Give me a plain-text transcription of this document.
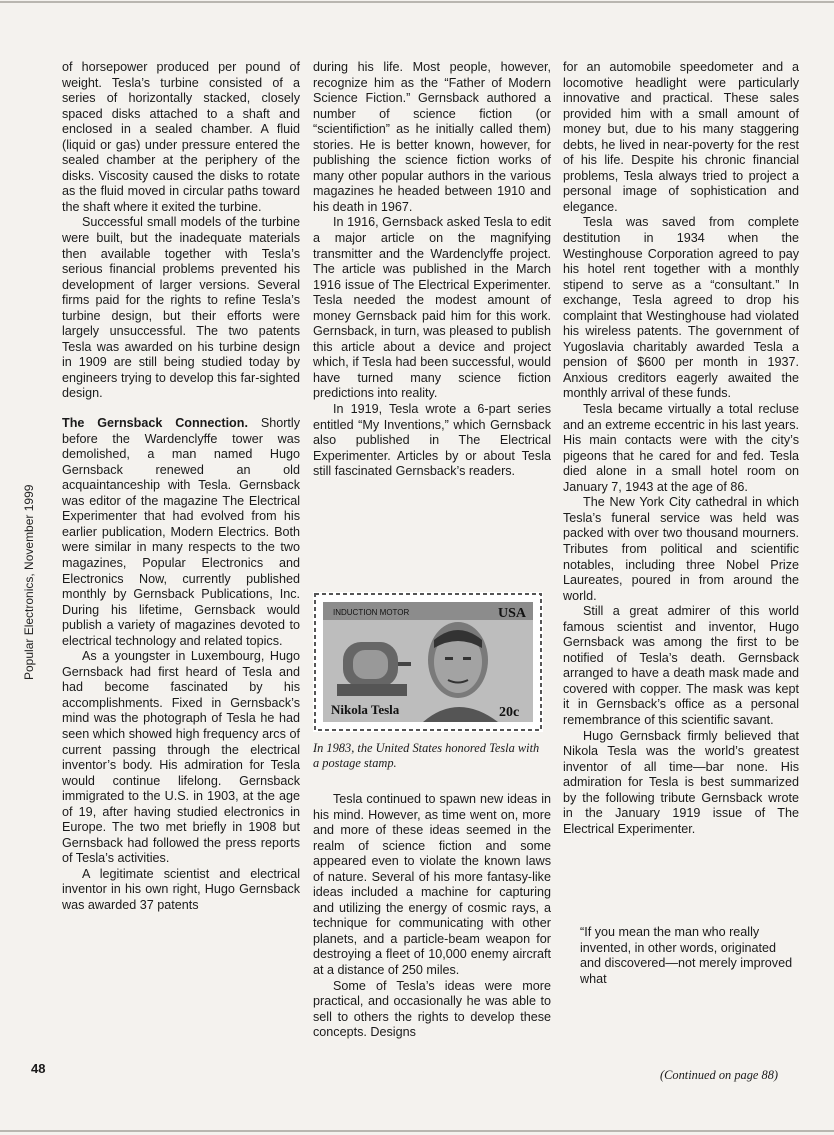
Popular Electronics, November 1999
48

of horsepower produced per pound of weight. Tesla’s turbine consisted of a series of horizontally stacked, closely spaced disks attached to a shaft and enclosed in a sealed chamber. A fluid (liquid or gas) under pressure entered the sealed chamber at the periphery of the disks. Viscosity caused the disks to rotate as the fluid moved in circular paths toward the shaft where it exited the turbine.

Successful small models of the turbine were built, but the inadequate materials then available together with Tesla’s serious financial problems prevented his development of larger versions. Several firms paid for the rights to refine Tesla’s turbine design, but their efforts were largely unsuccessful. The two patents Tesla was awarded on his turbine design in 1909 are still being studied today by engineers trying to develop this far-sighted design.

The Gernsback Connection. Shortly before the Wardenclyffe tower was demolished, a man named Hugo Gernsback renewed an old acquaintanceship with Tesla. Gernsback was editor of the magazine The Electrical Experimenter that had evolved from his earlier publication, Modern Electrics. Both were similar in many respects to the two magazines, Popular Electronics and Electronics Now, currently published monthly by Gernsback Publications, Inc. During his lifetime, Gernsback would publish a variety of magazines devoted to electrical technology and related topics.

As a youngster in Luxembourg, Hugo Gernsback had first heard of Tesla and had become fascinated by his accomplishments. Fixed in Gernsback’s mind was the photograph of Tesla he had seen which showed high frequency arcs of current passing through the electrical inventor’s body. His admiration for Tesla would continue lifelong. Gernsback immigrated to the U.S. in 1903, at the age of 19, after having studied electronics in Europe. The two met briefly in 1908 but Gernsback had followed the press reports of Tesla’s activities.

A legitimate scientist and electrical inventor in his own right, Hugo Gernsback was awarded 37 patents

during his life. Most people, however, recognize him as the “Father of Modern Science Fiction.” Gernsback authored a number of science fiction (or “scientifiction” as he initially called them) stories. He is better known, however, for publishing the science fiction works of many other popular authors in the various magazines he headed between 1910 and his death in 1967.

In 1916, Gernsback asked Tesla to edit a major article on the magnifying transmitter and the Wardenclyffe project. The article was published in the March 1916 issue of The Electrical Experimenter. Tesla needed the modest amount of money Gernsback paid him for this work. Gernsback, in turn, was pleased to publish this article about a device and project which, if Tesla had been successful, would have turned many science fiction predictions into reality.

In 1919, Tesla wrote a 6-part series entitled “My Inventions,” which Gernsback also published in The Electrical Experimenter. Articles by or about Tesla still fascinated Gernsback’s readers.

INDUCTION MOTOR	USA
Nikola Tesla	20c
In 1983, the United States honored Tesla with a postage stamp.

Tesla continued to spawn new ideas in his mind. However, as time went on, more and more of these ideas seemed in the realm of science fiction and some appeared even to violate the known laws of nature. Several of his more fantasy-like ideas included a machine for capturing and utilizing the energy of cosmic rays, a technique for communicating with other planets, and a particle-beam weapon for destroying a fleet of 10,000 enemy aircraft at a distance of 250 miles.

Some of Tesla’s ideas were more practical, and occasionally he was able to sell to others the rights to develop these concepts. Designs

for an automobile speedometer and a locomotive headlight were particularly innovative and practical. These sales provided him with a small amount of money but, due to his many staggering debts, he lived in near-poverty for the rest of his life. Despite his chronic financial problems, Tesla always tried to project a personal image of sophistication and elegance.

Tesla was saved from complete destitution in 1934 when the Westinghouse Corporation agreed to pay his hotel rent together with a monthly stipend to serve as a “consultant.” In exchange, Tesla agreed to drop his complaint that Westinghouse had violated his wireless patents. The government of Yugoslavia charitably awarded Tesla a pension of $600 per month in 1937. Anxious creditors eagerly awaited the monthly arrival of these funds.

Tesla became virtually a total recluse and an extreme eccentric in his last years. His main contacts were with the city’s pigeons that he cared for and fed. Tesla died alone in a small hotel room on January 7, 1943 at the age of 86.

The New York City cathedral in which Tesla’s funeral service was held was packed with over two thousand mourners. Tributes from political and scientific notables, including three Nobel Prize Laureates, poured in from around the world.

Still a great admirer of this world famous scientist and inventor, Hugo Gernsback was among the first to be notified of Tesla’s death. Gernsback arranged to have a death mask made and covered with copper. The mask was kept it in Gernsback’s office as a personal remembrance of this scientific savant.

Hugo Gernsback firmly believed that Nikola Tesla was the world’s greatest inventor of all time—bar none. His admiration for Tesla is best summarized by the following tribute Gernsback wrote in the January 1919 issue of The Electrical Experimenter.

“If you mean the man who really invented, in other words, originated and discovered—not merely improved what

(Continued on page 88)
